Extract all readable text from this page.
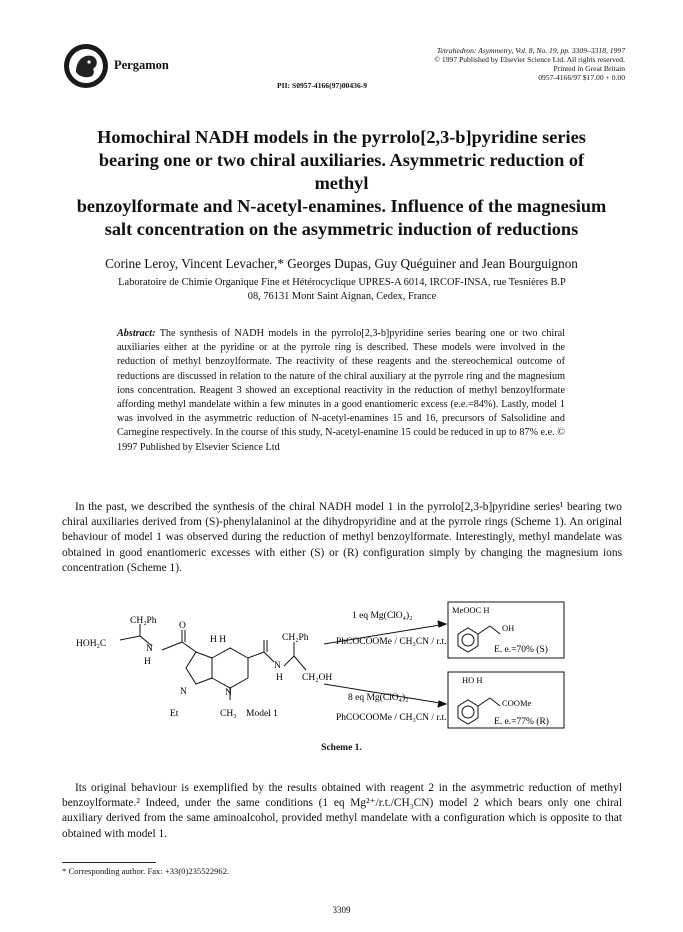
Pergamon
Tetrahedron: Asymmetry, Vol. 8, No. 19, pp. 3309–3318, 1997
© 1997 Published by Elsevier Science Ltd. All rights reserved.
Printed in Great Britain
0957-4166/97 $17.00 + 0.00
PII: S0957-4166(97)00436-9
Homochiral NADH models in the pyrrolo[2,3-b]pyridine series
bearing one or two chiral auxiliaries. Asymmetric reduction of methyl
benzoylformate and N-acetyl-enamines. Influence of the magnesium
salt concentration on the asymmetric induction of reductions
Corine Leroy, Vincent Levacher,* Georges Dupas, Guy Quéguiner and Jean Bourguignon
Laboratoire de Chimie Organique Fine et Hétérocyclique UPRES-A 6014, IRCOF-INSA, rue Tesnières B.P
08, 76131 Mont Saint Aignan, Cedex, France
Abstract: The synthesis of NADH models in the pyrrolo[2,3-b]pyridine series bearing one or two chiral auxiliaries either at the pyridine or at the pyrrole ring is described. These models were involved in the reduction of methyl benzoylformate. The reactivity of these reagents and the stereochemical outcome of reductions are discussed in relation to the nature of the chiral auxiliary at the pyrrole ring and the magnesium ions concentration. Reagent 3 showed an exceptional reactivity in the reduction of methyl benzoylformate affording methyl mandelate within a few minutes in a good enantiomeric excess (e.e.=84%). Lastly, model 1 was involved in the asymmetric reduction of N-acetyl-enamines 15 and 16, precursors of Salsolidine and Carnegine respectively. In the course of this study, N-acetyl-enamine 15 could be reduced in up to 87% e.e. © 1997 Published by Elsevier Science Ltd
In the past, we described the synthesis of the chiral NADH model 1 in the pyrrolo[2,3-b]pyridine series¹ bearing two chiral auxiliaries derived from (S)-phenylalaninol at the dihydropyridine and at the pyrrole rings (Scheme 1). An original behaviour of model 1 was observed during the reduction of methyl benzoylformate. Interestingly, methyl mandelate was obtained in good enantiomeric excesses with either (S) or (R) configuration simply by changing the magnesium ions concentration (Scheme 1).
CH₂Ph
HOH₂C	N
H
O
H H	CH₂Ph
N
H CH₂OH
N
N
Et	CH₃ Model 1
1 eq Mg(ClO₄)₂
PhCOCOOMe / CH₃CN / r.t.
MeOOC H
OH
E. e.=70% (S)
8 eq Mg(ClO₄)₂
PhCOCOOMe / CH₃CN / r.t.
HO H
COOMe
E. e.=77% (R)
Scheme 1.
Its original behaviour is exemplified by the results obtained with reagent 2 in the asymmetric reduction of methyl benzoylformate.² Indeed, under the same conditions (1 eq Mg²⁺/r.t./CH₃CN) model 2 which bears only one chiral auxiliary derived from the same aminoalcohol, provided methyl mandelate with a configuration which is opposite to that obtained with model 1.
* Corresponding author. Fax: +33(0)235522962.
3309
